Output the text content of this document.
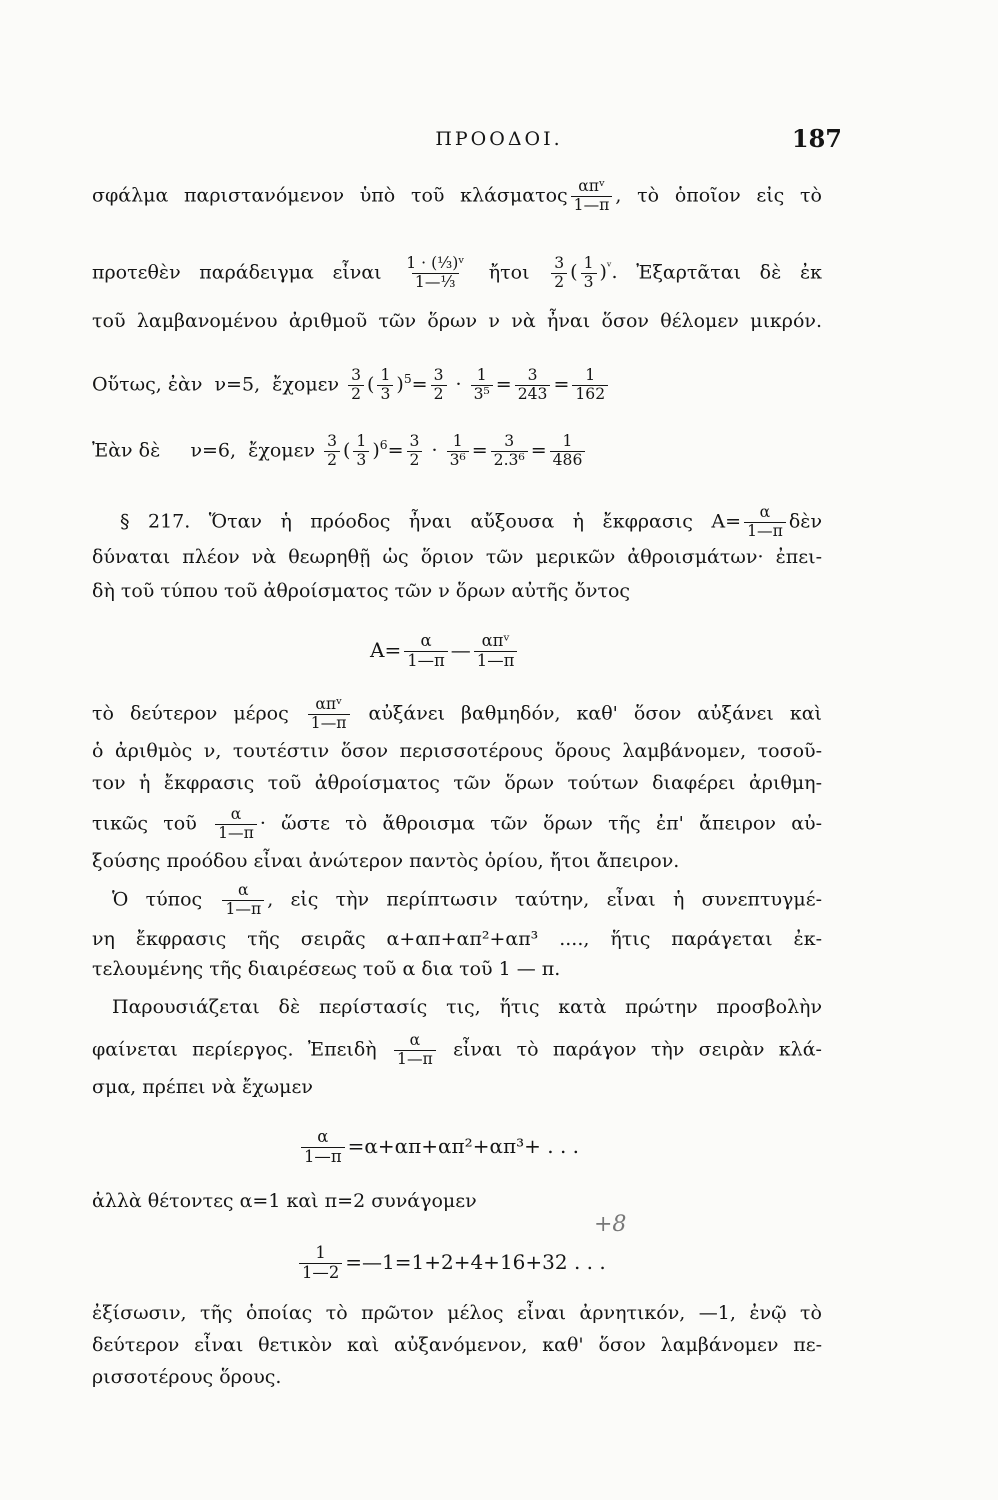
ΠΡΟΟΔΟΙ.	187
σφάλμα παριστανόμενον ὑπὸ τοῦ κλάσματος $\frac{\text{απᵛ}}{1—\pi}$ , τὸ ὁποῖον εἰς τὸ
προτεθὲν παράδειγμα εἶναι $\frac{\text{1 · (⅓)ᵛ}}{\text{1—⅓}}$ ἤτοι $\frac{3}{2}$ ( $\frac{1}{3} )^ᵛ$. Ἐξαρτᾶται δὲ ἐκ
τοῦ λαμβανομένου ἀριθμοῦ τῶν ὅρων ν νὰ ἦναι ὅσον θέλομεν μικρόν.
Οὕτως, ἐὰν  ν=5,  ἔχομεν $\frac{3}{2}$ ( $\frac{1}{3} )^5= \frac{3}{2} \cdot \frac{1}{\text{3⁵}} = \frac{3}{243} = \frac{1}{162}$
Ἐὰν δὲ     ν=6,  ἔχομεν $\frac{3}{2}$ ( $\frac{1}{3} )^6= \frac{3}{2} \cdot \frac{1}{\text{3⁶}} = \frac{3}{\text{2.3⁶}} = \frac{1}{486}$
§ 217. Ὅταν ἡ πρόοδος ἦναι αὔξουσα ἡ ἔκφρασις $A= \frac{\alpha}{1—\pi}$ δὲν
δύναται πλέον νὰ θεωρηθῇ ὡς ὅριον τῶν μερικῶν ἀθροισμάτων· ἐπει-
δὴ τοῦ τύπου τοῦ ἀθροίσματος τῶν ν ὅρων αὐτῆς ὄντος
$A= \frac{\alpha}{1—\pi}$ — $\frac{\text{απᵛ}}{1—\pi}$
τὸ δεύτερον μέρος $\frac{\text{απᵛ}}{1—\pi}$ αὐξάνει βαθμηδόν, καθ' ὅσον αὐξάνει καὶ
ὁ ἀριθμὸς ν, τουτέστιν ὅσον περισσοτέρους ὅρους λαμβάνομεν, τοσοῦ-
τον ἡ ἔκφρασις τοῦ ἀθροίσματος τῶν ὅρων τούτων διαφέρει ἀριθμη-
τικῶς τοῦ $\frac{\alpha}{1—\pi}$ · ὥστε τὸ ἄθροισμα τῶν ὅρων τῆς ἐπ' ἄπειρον αὐ-
ξούσης προόδου εἶναι ἀνώτερον παντὸς ὁρίου, ἤτοι ἄπειρον.
Ὁ τύπος $\frac{\alpha}{1—\pi}$ , εἰς τὴν περίπτωσιν ταύτην, εἶναι ἡ συνεπτυγμέ-
νη ἔκφρασις τῆς σειρᾶς α+απ+απ²+απ³ ...., ἥτις παράγεται ἐκ-
τελουμένης τῆς διαιρέσεως τοῦ α δια τοῦ 1 — π.
Παρουσιάζεται δὲ περίστασίς τις, ἥτις κατὰ πρώτην προσβολὴν
φαίνεται περίεργος. Ἐπειδὴ $\frac{\alpha}{1—\pi}$ εἶναι τὸ παράγον τὴν σειρὰν κλά-
σμα, πρέπει νὰ ἔχωμεν
$\frac{\alpha}{1—\pi} =\alpha+\alpha\pi+\alpha\pi^2+\alpha\pi^3+$ . . .
ἀλλὰ θέτοντες α=1 καὶ π=2 συνάγομεν
$\frac{1}{1—2}$ =—1=1+2+4+16+32 . . .
+8
ἐξίσωσιν, τῆς ὁποίας τὸ πρῶτον μέλος εἶναι ἀρνητικόν, —1, ἐνῷ τὸ
δεύτερον εἶναι θετικὸν καὶ αὐξανόμενον, καθ' ὅσον λαμβάνομεν πε-
ρισσοτέρους ὅρους.
